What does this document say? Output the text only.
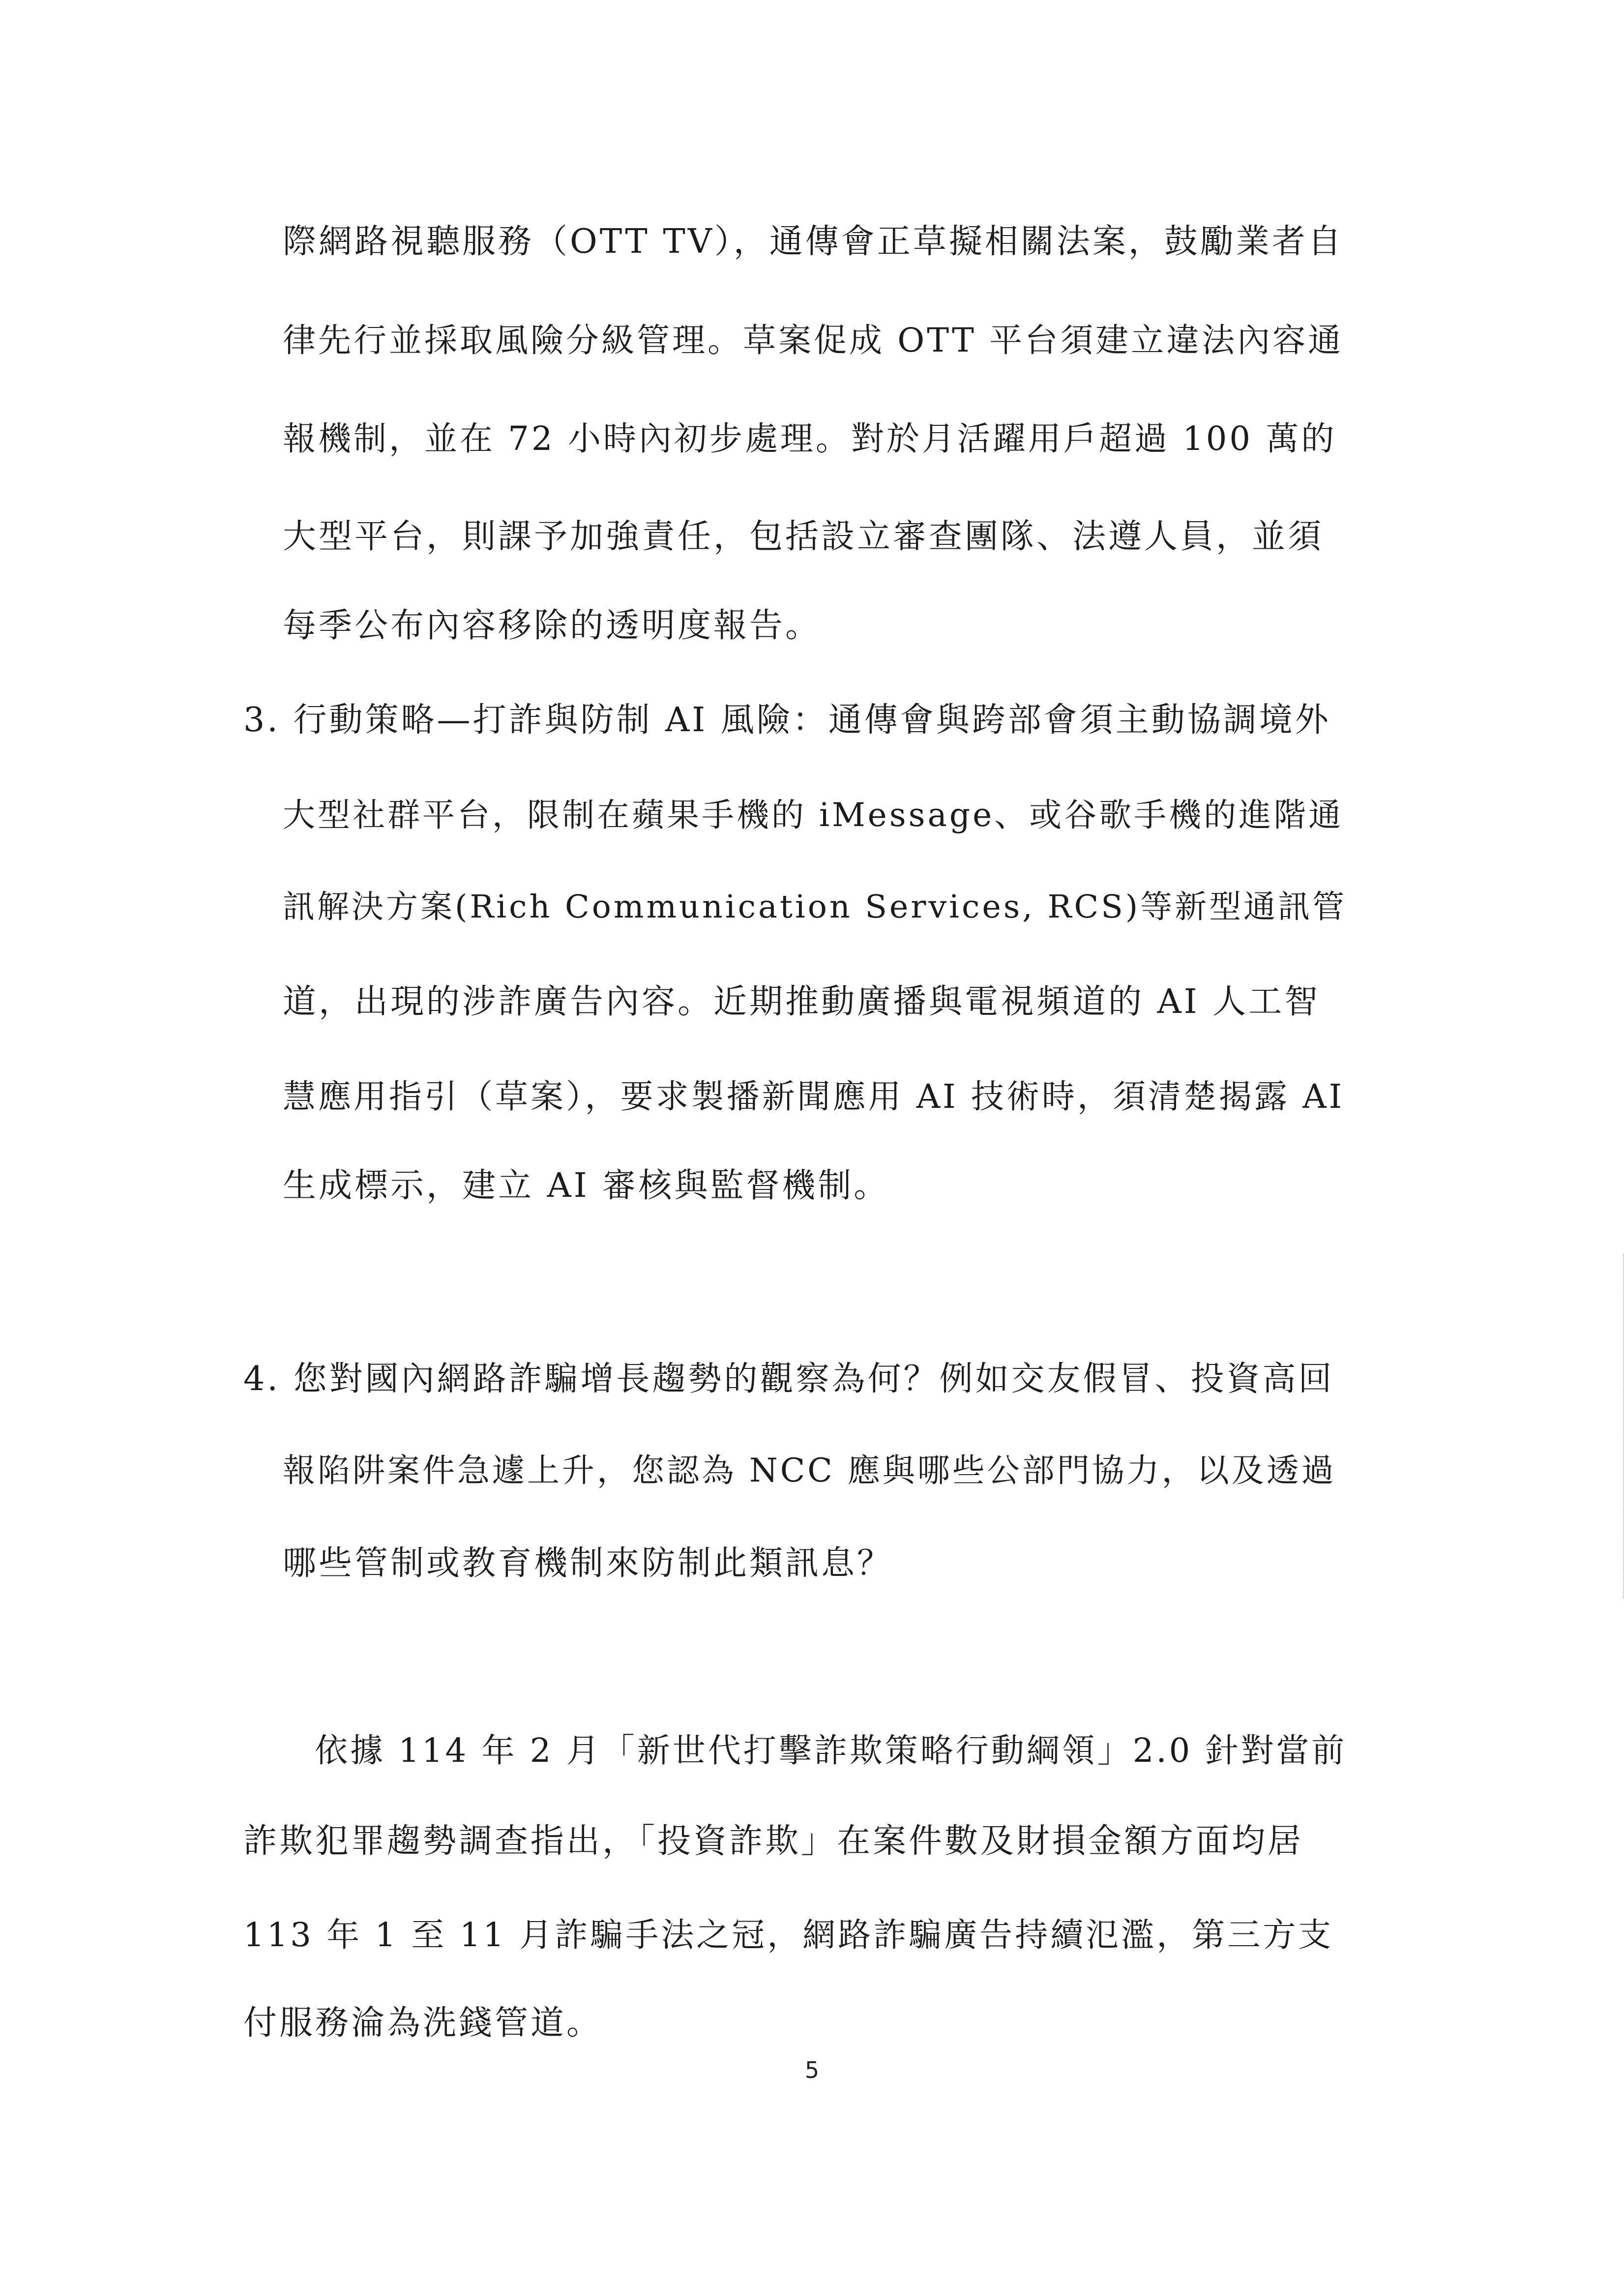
際網路視聽服務（OTT TV），通傳會正草擬相關法案，鼓勵業者自
律先行並採取風險分級管理。草案促成 OTT 平台須建立違法內容通
報機制，並在 72 小時內初步處理。對於月活躍用戶超過 100 萬的
大型平台，則課予加強責任，包括設立審查團隊、法遵人員，並須
每季公布內容移除的透明度報告。
3. 行動策略—打詐與防制 AI 風險：通傳會與跨部會須主動協調境外
大型社群平台，限制在蘋果手機的 iMessage、或谷歌手機的進階通
訊解決方案(Rich Communication Services, RCS)等新型通訊管
道，出現的涉詐廣告內容。近期推動廣播與電視頻道的 AI 人工智
慧應用指引（草案），要求製播新聞應用 AI 技術時，須清楚揭露 AI
生成標示，建立 AI 審核與監督機制。
4. 您對國內網路詐騙增長趨勢的觀察為何？例如交友假冒、投資高回
報陷阱案件急遽上升，您認為 NCC 應與哪些公部門協力，以及透過
哪些管制或教育機制來防制此類訊息？
依據 114 年 2 月「新世代打擊詐欺策略行動綱領」2.0 針對當前
詐欺犯罪趨勢調查指出，「投資詐欺」在案件數及財損金額方面均居
113 年 1 至 11 月詐騙手法之冠，網路詐騙廣告持續氾濫，第三方支
付服務淪為洗錢管道。
5
